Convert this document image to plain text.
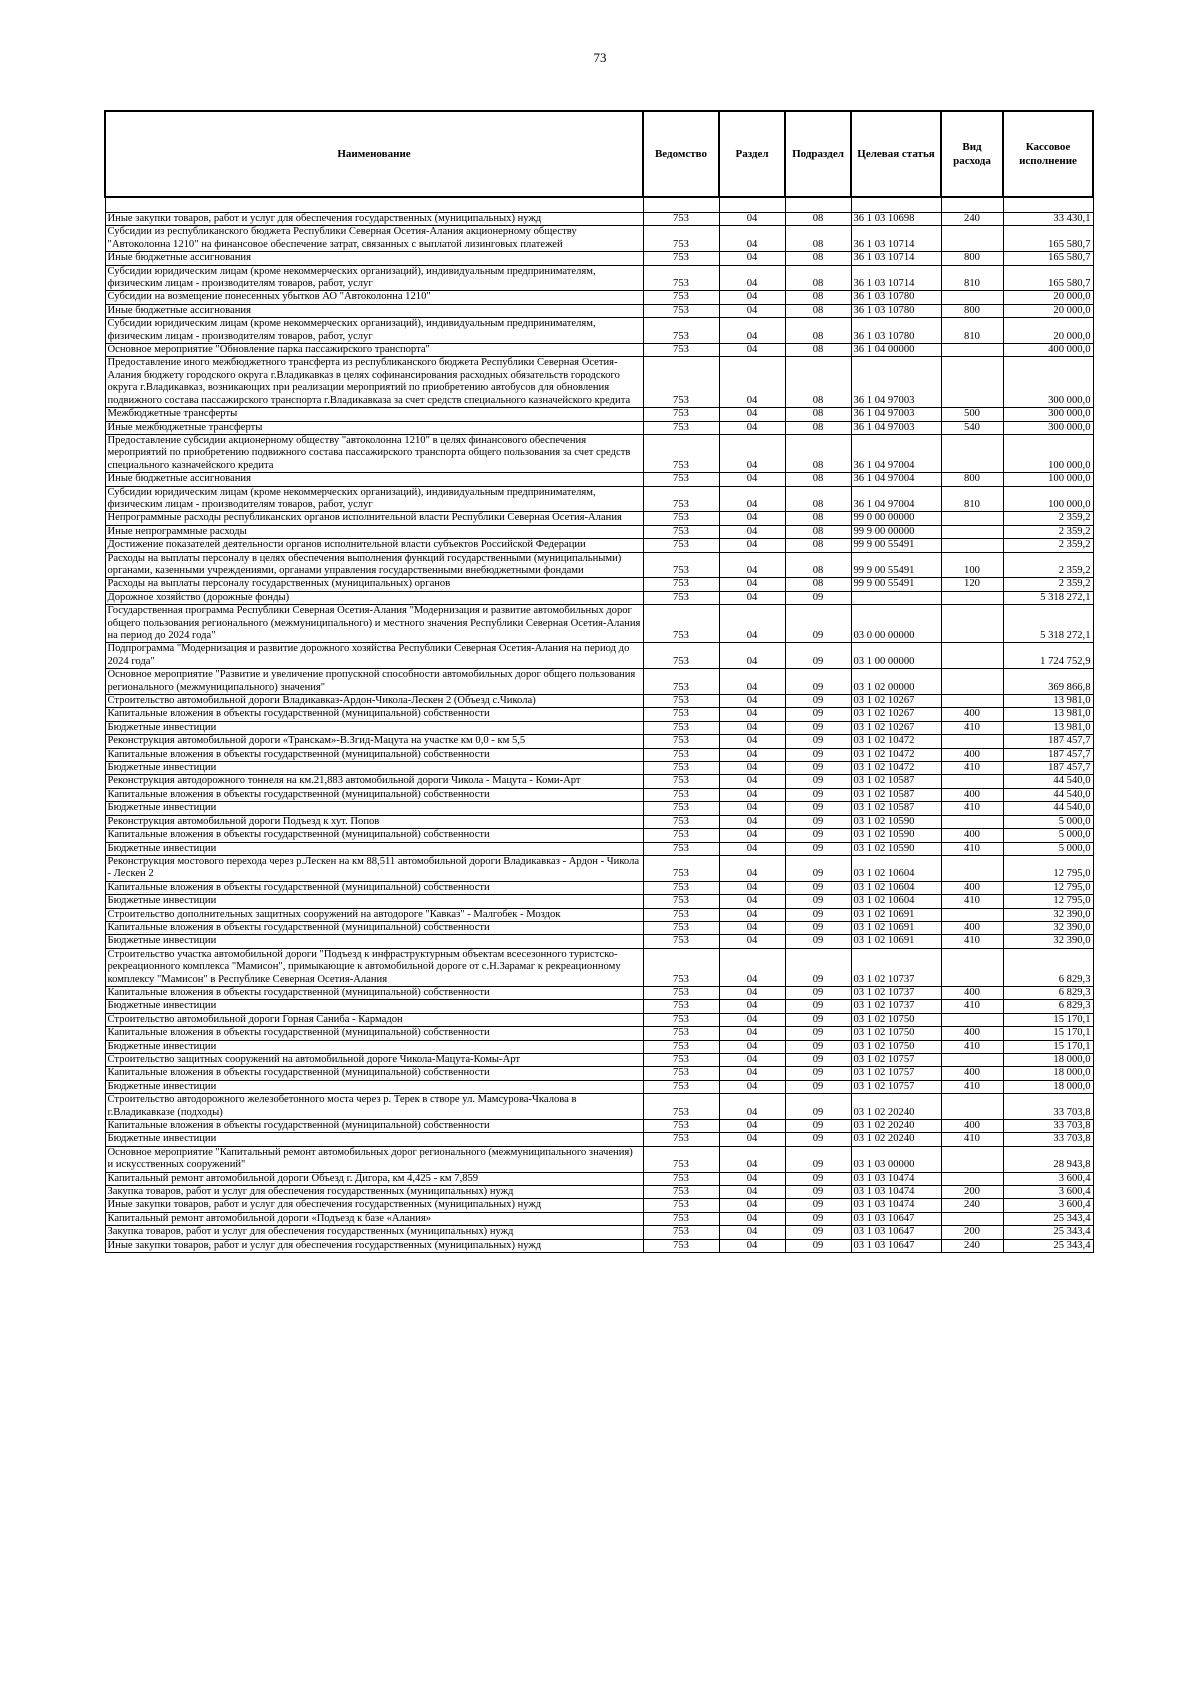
73
Наименование	Ведомство	Раздел	Подраздел	Целевая статья	Вид расхода	Кассовое исполнение

Иные закупки товаров, работ и услуг для обеспечения государственных (муниципальных) нужд	753	04	08	36 1 03 10698	240	33 430,1
Субсидии из республиканского бюджета Республики Северная Осетия-Алания акционерному обществу "Автоколонна 1210" на финансовое обеспечение затрат, связанных с выплатой лизинговых платежей	753	04	08	36 1 03 10714		165 580,7
Иные бюджетные ассигнования	753	04	08	36 1 03 10714	800	165 580,7
Субсидии юридическим лицам (кроме некоммерческих организаций), индивидуальным предпринимателям, физическим лицам - производителям товаров, работ, услуг	753	04	08	36 1 03 10714	810	165 580,7
Субсидии на возмещение понесенных убытков АО "Автоколонна 1210"	753	04	08	36 1 03 10780		20 000,0
Иные бюджетные ассигнования	753	04	08	36 1 03 10780	800	20 000,0
Субсидии юридическим лицам (кроме некоммерческих организаций), индивидуальным предпринимателям, физическим лицам - производителям товаров, работ, услуг	753	04	08	36 1 03 10780	810	20 000,0
Основное мероприятие "Обновление парка пассажирского транспорта"	753	04	08	36 1 04 00000		400 000,0
Предоставление иного межбюджетного трансферта из республиканского бюджета Республики Северная Осетия-Алания бюджету городского округа г.Владикавказ в целях софинансирования расходных обязательств городского округа г.Владикавказ, возникающих при реализации мероприятий по приобретению автобусов для обновления подвижного состава пассажирского транспорта г.Владикавказа за счет средств специального казначейского кредита	753	04	08	36 1 04 97003		300 000,0
Межбюджетные трансферты	753	04	08	36 1 04 97003	500	300 000,0
Иные межбюджетные трансферты	753	04	08	36 1 04 97003	540	300 000,0
Предоставление субсидии акционерному обществу "автоколонна 1210" в целях финансового обеспечения мероприятий по приобретению подвижного состава пассажирского транспорта общего пользования за счет средств специального казначейского кредита	753	04	08	36 1 04 97004		100 000,0
Иные бюджетные ассигнования	753	04	08	36 1 04 97004	800	100 000,0
Субсидии юридическим лицам (кроме некоммерческих организаций), индивидуальным предпринимателям, физическим лицам - производителям товаров, работ, услуг	753	04	08	36 1 04 97004	810	100 000,0
Непрограммные расходы республиканских органов исполнительной власти Республики Северная Осетия-Алания	753	04	08	99 0 00 00000		2 359,2
Иные непрограммные расходы	753	04	08	99 9 00 00000		2 359,2
Достижение показателей деятельности органов исполнительной власти субъектов Российской Федерации	753	04	08	99 9 00 55491		2 359,2
Расходы на выплаты персоналу в целях обеспечения выполнения функций государственными (муниципальными) органами, казенными учреждениями, органами управления государственными внебюджетными фондами	753	04	08	99 9 00 55491	100	2 359,2
Расходы на выплаты персоналу государственных (муниципальных) органов	753	04	08	99 9 00 55491	120	2 359,2
Дорожное хозяйство (дорожные фонды)	753	04	09			5 318 272,1
Государственная программа Республики Северная Осетия-Алания "Модернизация и развитие автомобильных дорог общего пользования регионального (межмуниципального) и местного значения Республики Северная Осетия-Алания на период до 2024 года"	753	04	09	03 0 00 00000		5 318 272,1
Подпрограмма "Модернизация и развитие дорожного хозяйства Республики Северная Осетия-Алания на период до 2024 года"	753	04	09	03 1 00 00000		1 724 752,9
Основное мероприятие "Развитие и увеличение пропускной способности автомобильных дорог общего пользования регионального (межмуниципального) значения"	753	04	09	03 1 02 00000		369 866,8
Строительство автомобильной дороги Владикавказ-Ардон-Чикола-Лескен 2 (Объезд с.Чикола)	753	04	09	03 1 02 10267		13 981,0
Капитальные вложения в объекты государственной (муниципальной) собственности	753	04	09	03 1 02 10267	400	13 981,0
Бюджетные инвестиции	753	04	09	03 1 02 10267	410	13 981,0
Реконструкция автомобильной дороги «Транскам»-В.Згид-Мацута на участке км 0,0 - км 5,5	753	04	09	03 1 02 10472		187 457,7
Капитальные вложения в объекты государственной (муниципальной) собственности	753	04	09	03 1 02 10472	400	187 457,7
Бюджетные инвестиции	753	04	09	03 1 02 10472	410	187 457,7
Реконструкция автодорожного тоннеля на км.21,883 автомобильной дороги Чикола - Мацута - Коми-Арт	753	04	09	03 1 02 10587		44 540,0
Капитальные вложения в объекты государственной (муниципальной) собственности	753	04	09	03 1 02 10587	400	44 540,0
Бюджетные инвестиции	753	04	09	03 1 02 10587	410	44 540,0
Реконструкция автомобильной дороги Подъезд к хут. Попов	753	04	09	03 1 02 10590		5 000,0
Капитальные вложения в объекты государственной (муниципальной) собственности	753	04	09	03 1 02 10590	400	5 000,0
Бюджетные инвестиции	753	04	09	03 1 02 10590	410	5 000,0
Реконструкция мостового перехода через р.Лескен на км 88,511 автомобильной дороги Владикавказ - Ардон - Чикола - Лескен 2	753	04	09	03 1 02 10604		12 795,0
Капитальные вложения в объекты государственной (муниципальной) собственности	753	04	09	03 1 02 10604	400	12 795,0
Бюджетные инвестиции	753	04	09	03 1 02 10604	410	12 795,0
Строительство дополнительных защитных сооружений на автодороге "Кавказ" - Малгобек - Моздок	753	04	09	03 1 02 10691		32 390,0
Капитальные вложения в объекты государственной (муниципальной) собственности	753	04	09	03 1 02 10691	400	32 390,0
Бюджетные инвестиции	753	04	09	03 1 02 10691	410	32 390,0
Строительство участка автомобильной дороги "Подъезд к инфраструктурным объектам всесезонного туристско-рекреационного комплекса "Мамисон", примыкающие к автомобильной дороге от с.Н.Зарамаг к рекреационному комплексу "Мамисон" в Республике Северная Осетия-Алания	753	04	09	03 1 02 10737		6 829,3
Капитальные вложения в объекты государственной (муниципальной) собственности	753	04	09	03 1 02 10737	400	6 829,3
Бюджетные инвестиции	753	04	09	03 1 02 10737	410	6 829,3
Строительство автомобильной дороги Горная Саниба - Кармадон	753	04	09	03 1 02 10750		15 170,1
Капитальные вложения в объекты государственной (муниципальной) собственности	753	04	09	03 1 02 10750	400	15 170,1
Бюджетные инвестиции	753	04	09	03 1 02 10750	410	15 170,1
Строительство защитных сооружений на автомобильной дороге Чикола-Мацута-Комы-Арт	753	04	09	03 1 02 10757		18 000,0
Капитальные вложения в объекты государственной (муниципальной) собственности	753	04	09	03 1 02 10757	400	18 000,0
Бюджетные инвестиции	753	04	09	03 1 02 10757	410	18 000,0
Строительство автодорожного железобетонного моста через р. Терек в створе ул. Мамсурова-Чкалова в г.Владикавказе (подходы)	753	04	09	03 1 02 20240		33 703,8
Капитальные вложения в объекты государственной (муниципальной) собственности	753	04	09	03 1 02 20240	400	33 703,8
Бюджетные инвестиции	753	04	09	03 1 02 20240	410	33 703,8
Основное мероприятие "Капитальный ремонт автомобильных дорог регионального (межмуниципального значения) и искусственных сооружений"	753	04	09	03 1 03 00000		28 943,8
Капитальный ремонт автомобильной дороги Объезд г. Дигора, км 4,425 - км 7,859	753	04	09	03 1 03 10474		3 600,4
Закупка товаров, работ и услуг для обеспечения государственных (муниципальных) нужд	753	04	09	03 1 03 10474	200	3 600,4
Иные закупки товаров, работ и услуг для обеспечения государственных (муниципальных) нужд	753	04	09	03 1 03 10474	240	3 600,4
Капитальный ремонт автомобильной дороги «Подъезд к базе «Алания»	753	04	09	03 1 03 10647		25 343,4
Закупка товаров, работ и услуг для обеспечения государственных (муниципальных) нужд	753	04	09	03 1 03 10647	200	25 343,4
Иные закупки товаров, работ и услуг для обеспечения государственных (муниципальных) нужд	753	04	09	03 1 03 10647	240	25 343,4
